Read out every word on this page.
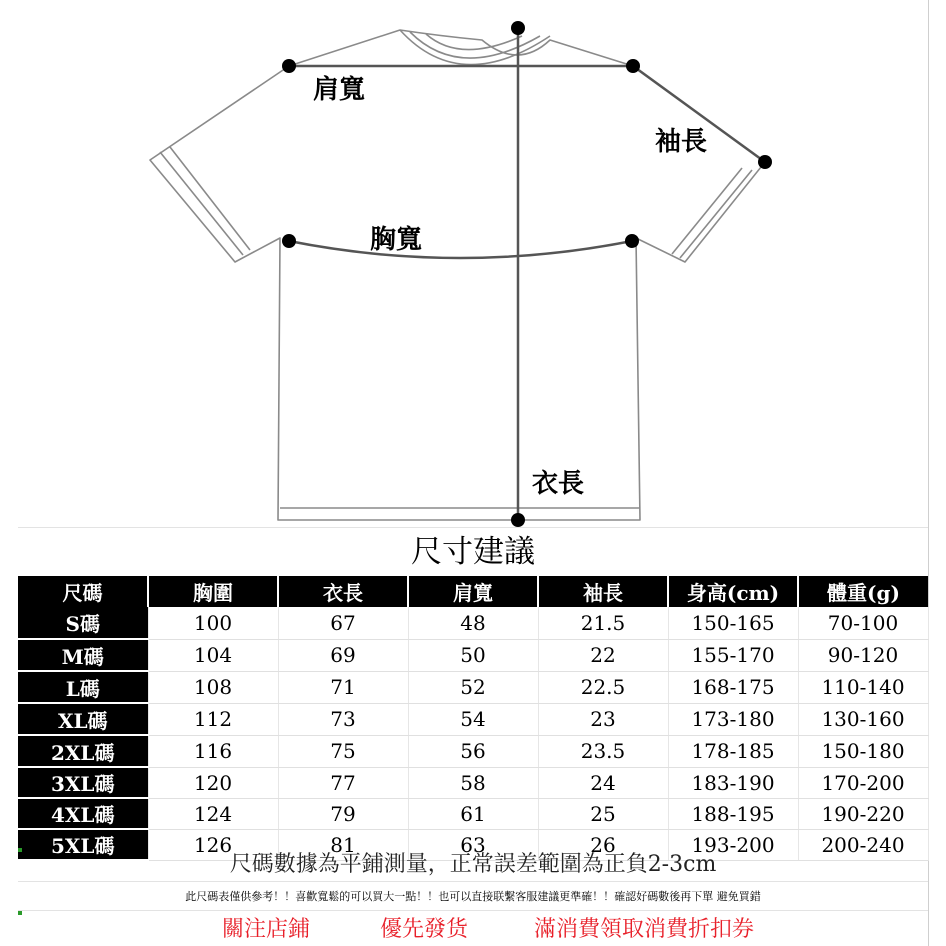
肩寬
袖長
胸寬
衣長
尺寸建議
尺碼	胸圍	衣長	肩寬	袖長	身高(cm)	體重(g)
S碼	100	67	48	21.5	150-165	70-100
M碼	104	69	50	22	155-170	90-120
L碼	108	71	52	22.5	168-175	110-140
XL碼	112	73	54	23	173-180	130-160
2XL碼	116	75	56	23.5	178-185	150-180
3XL碼	120	77	58	24	183-190	170-200
4XL碼	124	79	61	25	188-195	190-220
5XL碼	126	81	63	26	193-200	200-240
尺碼數據為平鋪測量，正常誤差範圍為正負2-3cm
此尺碼表僅供參考！！喜歡寬鬆的可以買大一點！！也可以直接联繫客服建議更準確！！確認好碼數後再下單 避免買錯
關注店鋪	優先發货	滿消費領取消費折扣券
